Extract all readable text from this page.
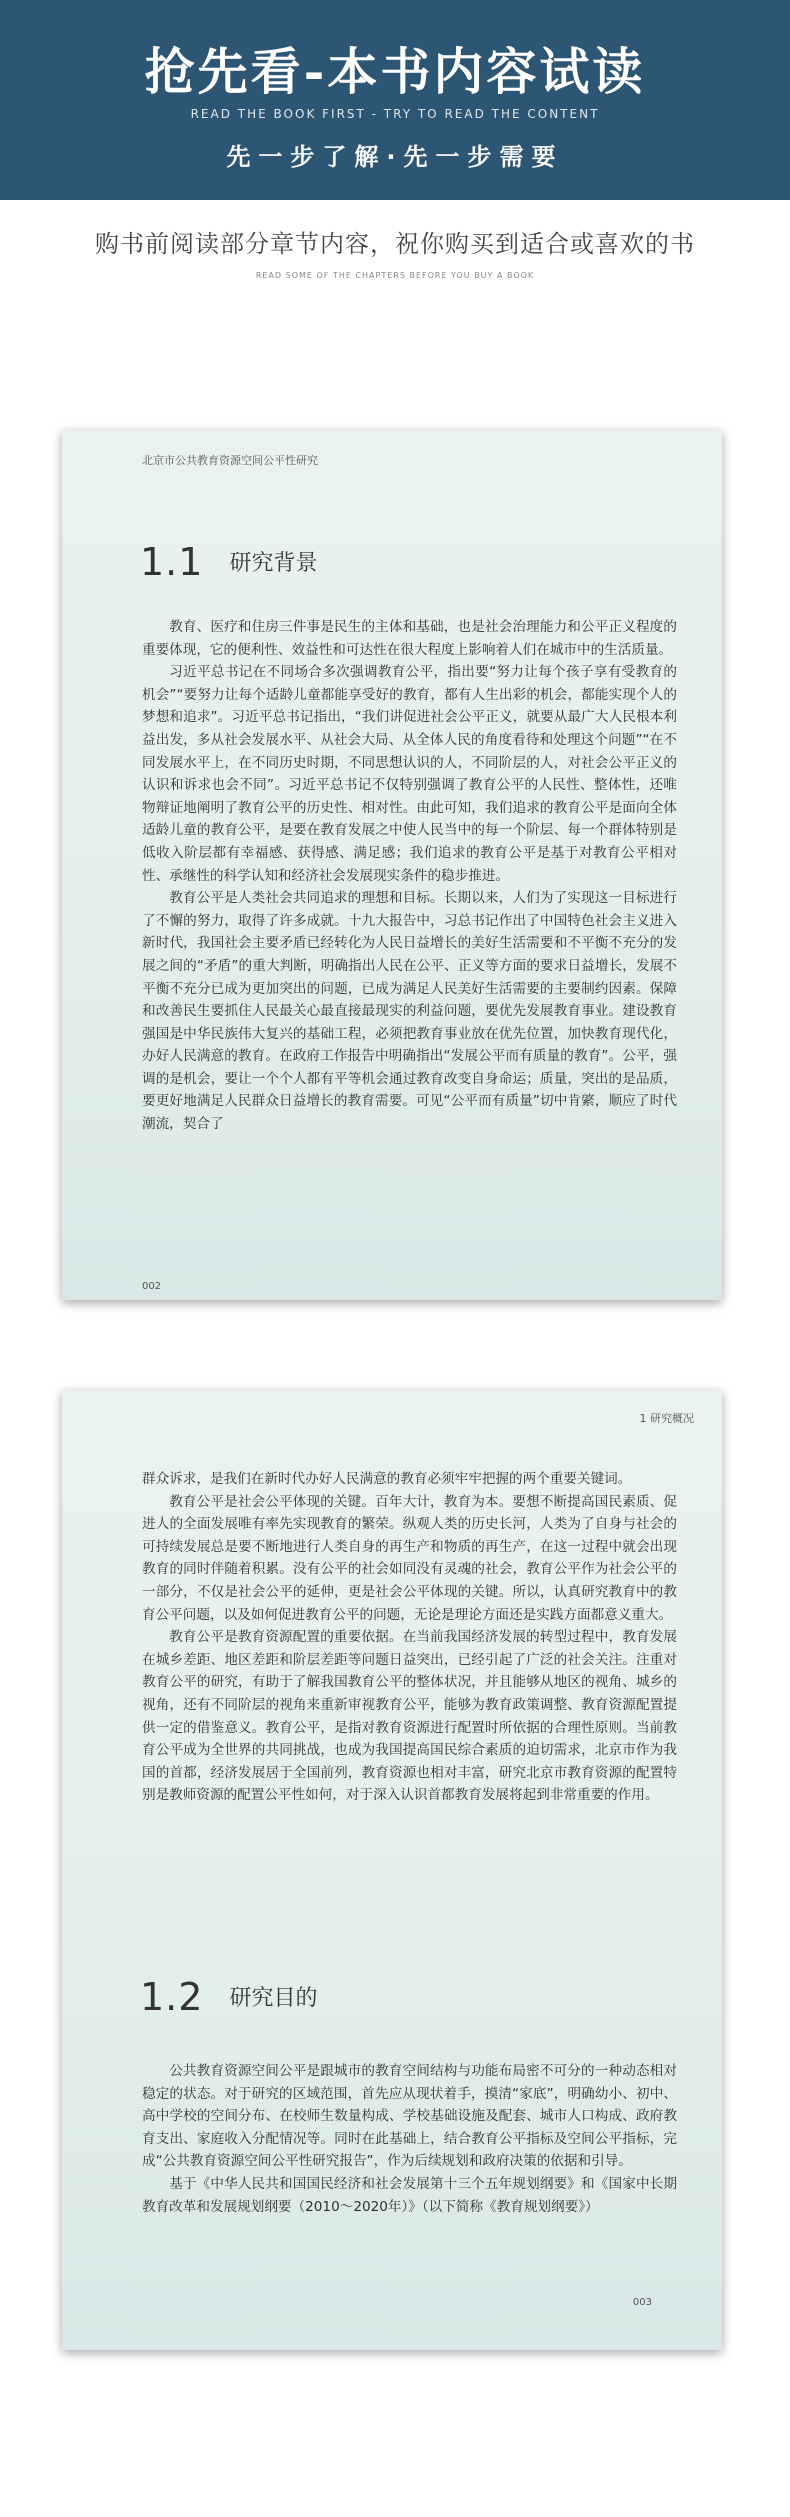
抢先看-本书内容试读
READ THE BOOK FIRST - TRY TO READ THE CONTENT
先一步了解·先一步需要
购书前阅读部分章节内容，祝你购买到适合或喜欢的书
READ SOME OF THE CHAPTERS BEFORE YOU BUY A BOOK
北京市公共教育资源空间公平性研究
1.1 研究背景

教育、医疗和住房三件事是民生的主体和基础，也是社会治理能力和公平正义程度的重要体现，它的便利性、效益性和可达性在很大程度上影响着人们在城市中的生活质量。

习近平总书记在不同场合多次强调教育公平，指出要“努力让每个孩子享有受教育的机会”“要努力让每个适龄儿童都能享受好的教育，都有人生出彩的机会，都能实现个人的梦想和追求”。习近平总书记指出，“我们讲促进社会公平正义，就要从最广大人民根本利益出发，多从社会发展水平、从社会大局、从全体人民的角度看待和处理这个问题”“在不同发展水平上，在不同历史时期，不同思想认识的人，不同阶层的人，对社会公平正义的认识和诉求也会不同”。习近平总书记不仅特别强调了教育公平的人民性、整体性，还唯物辩证地阐明了教育公平的历史性、相对性。由此可知，我们追求的教育公平是面向全体适龄儿童的教育公平，是要在教育发展之中使人民当中的每一个阶层、每一个群体特别是低收入阶层都有幸福感、获得感、满足感；我们追求的教育公平是基于对教育公平相对性、承继性的科学认知和经济社会发展现实条件的稳步推进。

教育公平是人类社会共同追求的理想和目标。长期以来，人们为了实现这一目标进行了不懈的努力，取得了许多成就。十九大报告中，习总书记作出了中国特色社会主义进入新时代，我国社会主要矛盾已经转化为人民日益增长的美好生活需要和不平衡不充分的发展之间的“矛盾”的重大判断，明确指出人民在公平、正义等方面的要求日益增长，发展不平衡不充分已成为更加突出的问题，已成为满足人民美好生活需要的主要制约因素。保障和改善民生要抓住人民最关心最直接最现实的利益问题，要优先发展教育事业。建设教育强国是中华民族伟大复兴的基础工程，必须把教育事业放在优先位置，加快教育现代化，办好人民满意的教育。在政府工作报告中明确指出“发展公平而有质量的教育”。公平，强调的是机会，要让一个个人都有平等机会通过教育改变自身命运；质量，突出的是品质，要更好地满足人民群众日益增长的教育需要。可见“公平而有质量”切中肯綮，顺应了时代潮流，契合了

002
1 研究概况

群众诉求，是我们在新时代办好人民满意的教育必须牢牢把握的两个重要关键词。

教育公平是社会公平体现的关键。百年大计，教育为本。要想不断提高国民素质、促进人的全面发展唯有率先实现教育的繁荣。纵观人类的历史长河，人类为了自身与社会的可持续发展总是要不断地进行人类自身的再生产和物质的再生产，在这一过程中就会出现教育的同时伴随着积累。没有公平的社会如同没有灵魂的社会，教育公平作为社会公平的一部分，不仅是社会公平的延伸，更是社会公平体现的关键。所以，认真研究教育中的教育公平问题，以及如何促进教育公平的问题，无论是理论方面还是实践方面都意义重大。

教育公平是教育资源配置的重要依据。在当前我国经济发展的转型过程中，教育发展在城乡差距、地区差距和阶层差距等问题日益突出，已经引起了广泛的社会关注。注重对教育公平的研究，有助于了解我国教育公平的整体状况，并且能够从地区的视角、城乡的视角，还有不同阶层的视角来重新审视教育公平，能够为教育政策调整、教育资源配置提供一定的借鉴意义。教育公平，是指对教育资源进行配置时所依据的合理性原则。当前教育公平成为全世界的共同挑战，也成为我国提高国民综合素质的迫切需求，北京市作为我国的首都，经济发展居于全国前列，教育资源也相对丰富，研究北京市教育资源的配置特别是教师资源的配置公平性如何，对于深入认识首都教育发展将起到非常重要的作用。

1.2 研究目的

公共教育资源空间公平是跟城市的教育空间结构与功能布局密不可分的一种动态相对稳定的状态。对于研究的区域范围，首先应从现状着手，摸清“家底”，明确幼小、初中、高中学校的空间分布、在校师生数量构成、学校基础设施及配套、城市人口构成、政府教育支出、家庭收入分配情况等。同时在此基础上，结合教育公平指标及空间公平指标，完成“公共教育资源空间公平性研究报告”，作为后续规划和政府决策的依据和引导。

基于《中华人民共和国国民经济和社会发展第十三个五年规划纲要》和《国家中长期教育改革和发展规划纲要（2010～2020年）》（以下简称《教育规划纲要》）

003
